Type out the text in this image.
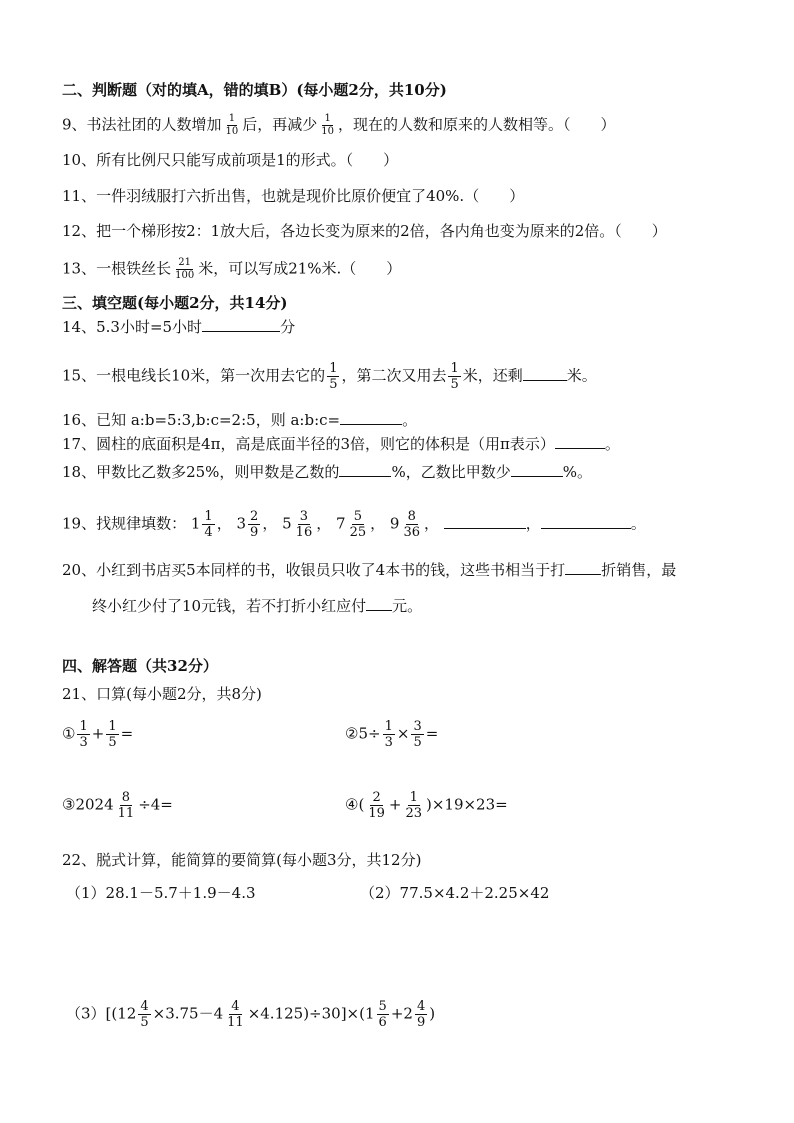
二、判断题（对的填A，错的填B）(每小题2分，共10分)
9、书法社团的人数增加 $\frac{1}{10}$ 后，再减少 $\frac{1}{10}$ ，现在的人数和原来的人数相等。（　　）
10、所有比例尺只能写成前项是1的形式。（　　）
11、一件羽绒服打六折出售，也就是现价比原价便宜了40%.（　　）
12、把一个梯形按2：1放大后，各边长变为原来的2倍，各内角也变为原来的2倍。（　　）
13、一根铁丝长 $\frac{21}{100}$ 米，可以写成21%米.（　　）
三、填空题(每小题2分，共14分)
14、5.3小时=5小时	分
15、一根电线长10米，第一次用去它的 $\frac{1}{5}$ ，第二次又用去 $\frac{1}{5}$ 米，还剩	米。
16、已知 a:b=5:3,b:c=2:5，则 a:b:c=	。
17、圆柱的底面积是4π，高是底面半径的3倍，则它的体积是（用π表示）	。
18、甲数比乙数多25%，则甲数是乙数的	%，乙数比甲数少	%。
19、找规律填数： $1 \frac{1}{4}$ ， $3 \frac{2}{9}$ ， $5 \frac{3}{16}$ ， $7 \frac{5}{25}$ ， $9 \frac{8}{36}$ ，	，	。
20、小红到书店买5本同样的书，收银员只收了4本书的钱，这些书相当于打 折销售，最
终小红少付了10元钱，若不打折小红应付 元。
四、解答题（共32分）
21、口算(每小题2分，共8分)
① $\frac{1}{3} + \frac{1}{5}$ =	②5÷ $\frac{1}{3} \times \frac{3}{5}$ =
③2024 $\frac{8}{11} \div 4=$	④( $\frac{2}{19} + \frac{1}{23} )\times 19\times 23=$
22、脱式计算，能简算的要简算(每小题3分，共12分)
（1）28.1－5.7＋1.9－4.3	（2）77.5×4.2＋2.25×42
$(3)[(12 \frac{4}{5} \times 3.75-4 \frac{4}{11} \times 4.125)\div 30]\times(1 \frac{5}{6} +2 \frac{4}{9}$ )
